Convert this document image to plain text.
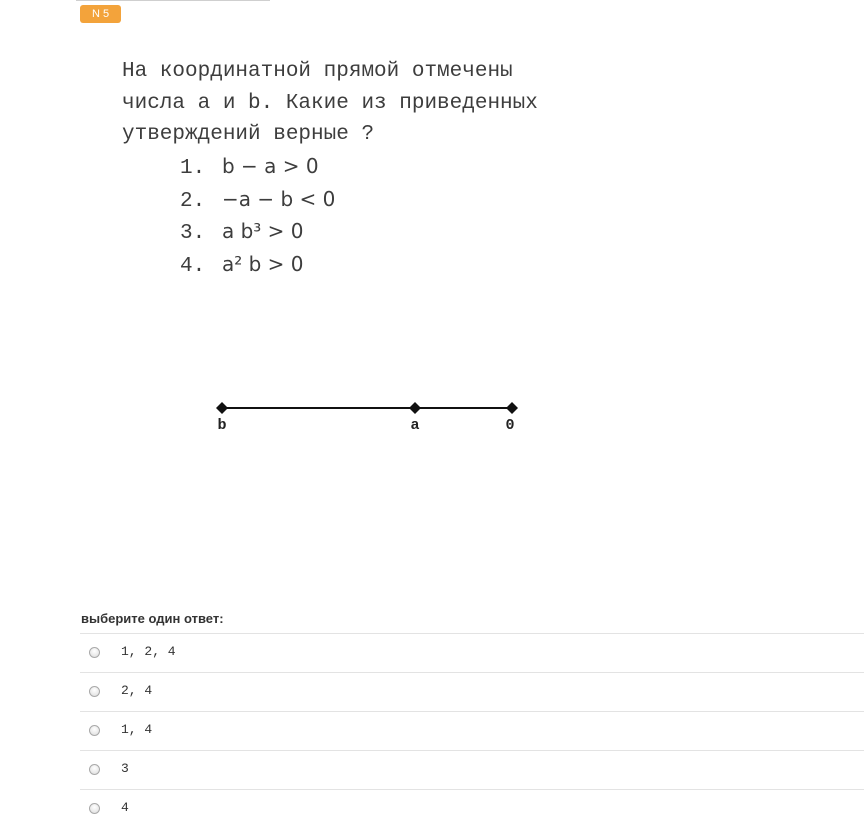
N 5
На координатной прямой отмечены
числа a и b. Какие из приведенных
утверждений верные ?
1. b − a > 0
2. −a − b < 0
3. a b³ > 0
4. a² b > 0
b	a	0
выберите один ответ:
1, 2, 4
2, 4
1, 4
3
4
